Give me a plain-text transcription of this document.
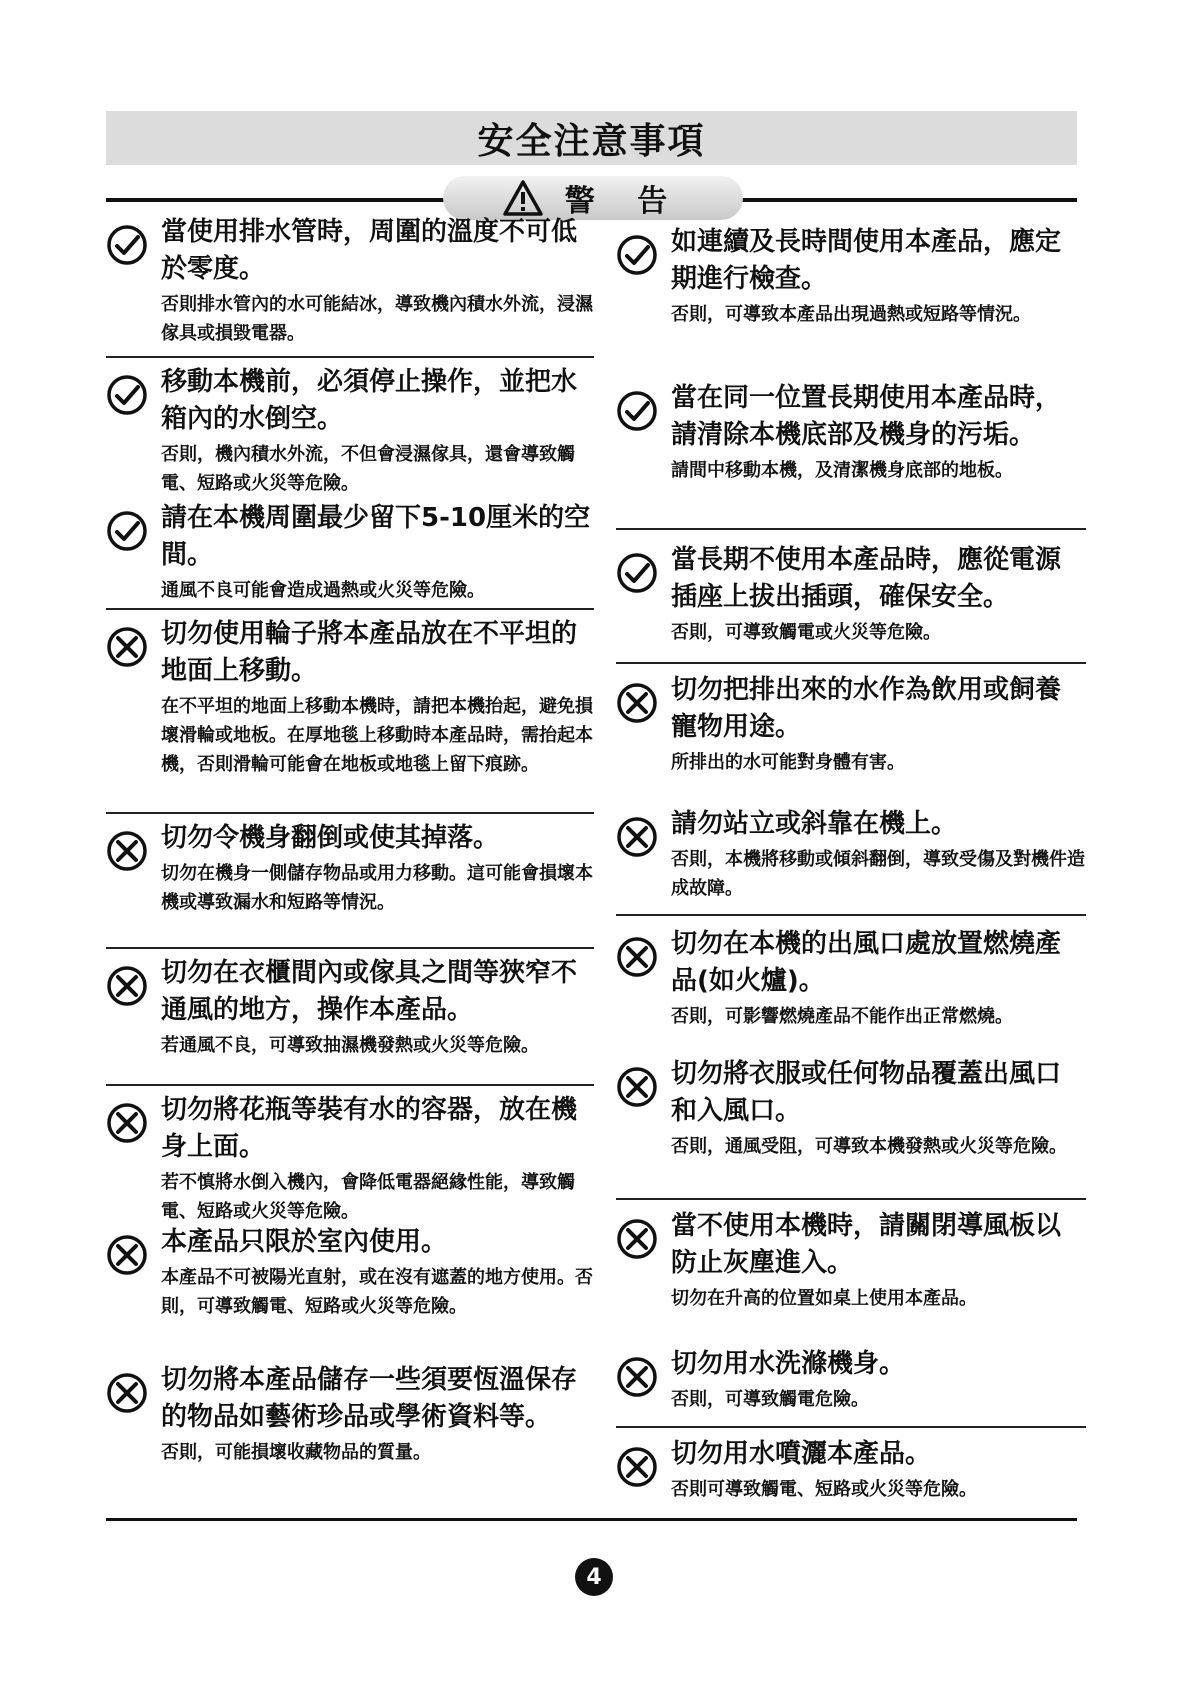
安全注意事項
警 告

當使用排水管時，周圍的溫度不可低於零度。

否則排水管內的水可能結冰，導致機內積水外流，浸濕傢具或損毀電器。

移動本機前，必須停止操作，並把水箱內的水倒空。

否則，機內積水外流，不但會浸濕傢具，還會導致觸電、短路或火災等危險。

請在本機周圍最少留下5-10厘米的空間。

通風不良可能會造成過熱或火災等危險。

切勿使用輪子將本產品放在不平坦的地面上移動。

在不平坦的地面上移動本機時，請把本機抬起，避免損壞滑輪或地板。在厚地毯上移動時本產品時，需抬起本機，否則滑輪可能會在地板或地毯上留下痕跡。

切勿令機身翻倒或使其掉落。

切勿在機身一側儲存物品或用力移動。這可能會損壞本機或導致漏水和短路等情況。

切勿在衣櫃間內或傢具之間等狹窄不通風的地方，操作本產品。

若通風不良，可導致抽濕機發熱或火災等危險。

切勿將花瓶等裝有水的容器，放在機身上面。

若不慎將水倒入機內，會降低電器絕緣性能，導致觸電、短路或火災等危險。

本產品只限於室內使用。

本產品不可被陽光直射，或在沒有遮蓋的地方使用。否則，可導致觸電、短路或火災等危險。

切勿將本產品儲存一些須要恆溫保存的物品如藝術珍品或學術資料等。

否則，可能損壞收藏物品的質量。

如連續及長時間使用本產品，應定期進行檢查。

否則，可導致本產品出現過熱或短路等情況。

當在同一位置長期使用本產品時，請清除本機底部及機身的污垢。

請間中移動本機，及清潔機身底部的地板。

當長期不使用本產品時，應從電源插座上拔出插頭，確保安全。

否則，可導致觸電或火災等危險。

切勿把排出來的水作為飲用或飼養寵物用途。

所排出的水可能對身體有害。

請勿站立或斜靠在機上。

否則，本機將移動或傾斜翻倒，導致受傷及對機件造成故障。

切勿在本機的出風口處放置燃燒產品(如火爐)。

否則，可影響燃燒產品不能作出正常燃燒。

切勿將衣服或任何物品覆蓋出風口和入風口。

否則，通風受阻，可導致本機發熱或火災等危險。

當不使用本機時，請關閉導風板以防止灰塵進入。

切勿在升高的位置如桌上使用本產品。

切勿用水洗滌機身。

否則，可導致觸電危險。

切勿用水噴灑本產品。

否則可導致觸電、短路或火災等危險。

4
